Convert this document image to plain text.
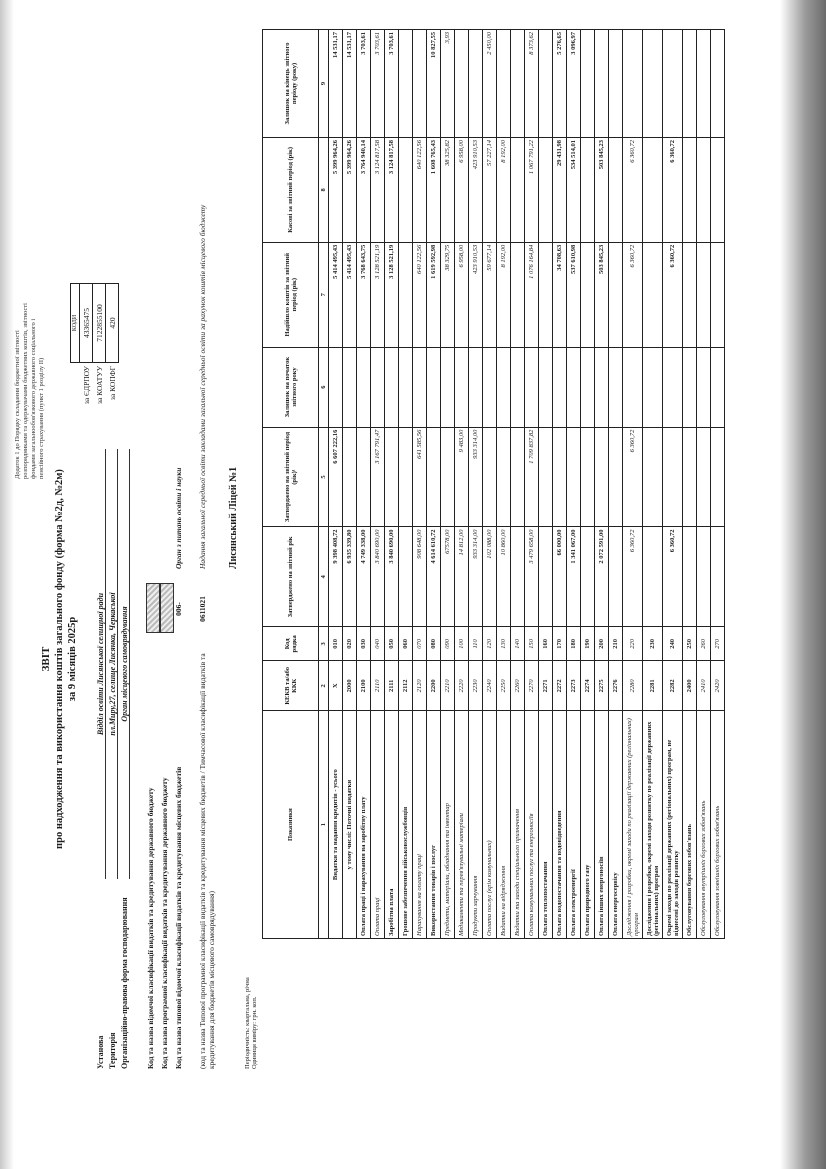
Додаток 1 до Порядку складання бюджетної звітності розпорядниками та одержувачами бюджетних коштів, звітності фондами загальнообов'язкового державного соціального і пенсійного страхування (пункт 1 розділу II)
ЗВІТ про надходження та використання коштів загального фонду (форма №2д, №2м) за 9 місяців 2025р
	КОДИ
за ЄДРПОУ	43365475
за КОАТУУ	7122855100
за КОПФГ	420
Установа
Відділ освіти Лисянської селищної ради
Територія
пл.Миру,27, селище Лисянка, Черкаської
Організаційно-правова форма господарювання
Орган місцевого самоврядування
Код та назва відомчої класифікації видатків та кредитування державного бюджету Код та назва програмної класифікації видатків та кредитування державного бюджету Код та назва типової відомчої класифікації видатків та кредитування місцевих бюджетів
006-
Орган з питань освіти і науки
(код та назва Типової програмної класифікації видатків та кредитування місцевих бюджетів / Тимчасової класифікації видатків та кредитування для бюджетів місцевого самоврядування)
0611021
Надання загальної середньої освіти закладами загальної середньої освіти за рахунок коштів місцевого бюджету Лисянський Ліцей №1
Періодичність: квартальна, річна Одиниця виміру: грн. коп.
Показники	КЕКВ та/або ККК	Код рядка	Затверджено на звітний рік	Затверджено на звітний період (рік)¹	Залишок на початок звітного року	Надійшло коштів за звітний період (рік)	Касові за звітний період (рік)	Залишок на кінець звітного періоду (року)
1	2	3	4	5	6	7	8	9
Видатки та надання кредитів - усього	X	010	9 398 408,72	6 607 222,16		5 414 495,43	5 399 964,26	14 531,17
у тому числі: Поточні видатки	2000	020	6 935 339,80			5 414 495,43	5 399 964,26	14 531,17
Оплата праці і нарахування на заробітну плату	2100	030	4 749 338,00			3 768 643,75	3 764 940,14	3 703,61
Оплата праці	2110	040	3 840 690,00	3 167 791,47		3 128 521,19	3 124 817,58	3 703,61
Заробітна плата	2111	050	3 840 690,00			3 128 521,19	3 124 817,58	3 703,61
Грошове забезпечення військовослужбовців	2112	060						
Нарахування на оплату праці	2120	070	908 648,00	641 585,56		640 122,56	640 122,56	
Використання товарів і послуг	2200	080	4 614 610,72			1 619 592,98	1 608 765,43	10 827,55
Предмети, матеріали, обладнання та інвентар	2210	090	67578,00			38 329,75	38 325,82	3,93
Медикаменти та перев'язувальні матеріали	2220	100	14 812,00	9 483,00		6 958,00	6 958,00	
Продукти харчування	2230	110	933 314,00	933 314,00		423 910,53	423 910,53	
Оплата послуг (крім комунальних)	2240	120	102 088,00			59 677,14	57 227,14	2 450,00
Видатки на відрядження	2250	130	10 860,00			8 192,00	8 192,00	
Видатки та заходи спеціального призначення	2260	140						
Оплата комунальних послуг та енергоносіїв	2270	150	3 479 658,00	1 709 837,82		1 076 164,84	1 067 791,22	8 373,62
Оплата теплопостачання	2271	160						
Оплата водопостачання та водовідведення	2272	170	66 000,00			34 708,63	29 431,98	5 276,65
Оплата електроенергії	2273	180	1 341 067,00			537 610,98	534 514,01	3 096,97
Оплата природного газу	2274	190						
Оплата інших енергоносіїв	2275	200	2 072 591,00			503 845,23	503 845,23	
Оплата енергосервісу	2276	210						
Дослідження і розробки, окремі заходи по реалізації державних (регіональних) програм	2280	220	6 360,72	6 360,72		6 360,72	6 360,72	
Дослідження і розробки, окремі заходи розвитку по реалізації державних (регіональних) програм	2281	230						
Окремі заходи по реалізації державних (регіональних) програм, не віднесені до заходів розвитку	2282	240	6 360,72			6 360,72	6 360,72	
Обслуговування боргових зобов'язань	2400	250						
Обслуговування внутрішніх боргових зобов'язань	2410	260						
Обслуговування зовнішніх боргових зобов'язань	2420	270						
